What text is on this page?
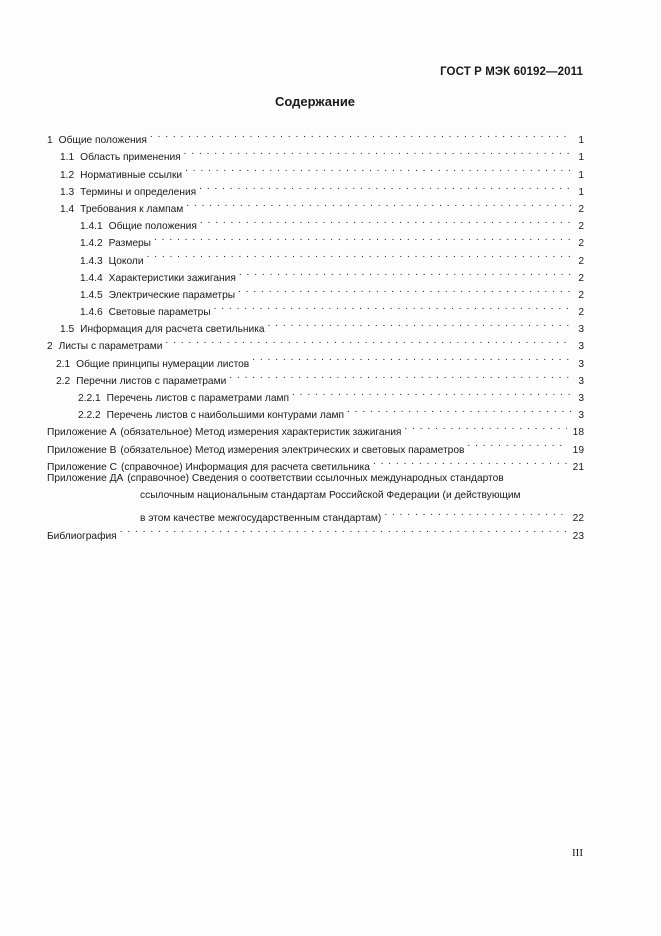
ГОСТ Р МЭК 60192—2011
Содержание
1 Общие положения . . .	1
1.1 Область применения . . .	1
1.2 Нормативные ссылки . . .	1
1.3 Термины и определения . . .	1
1.4 Требования к лампам . . .	2
1.4.1 Общие положения . . .	2
1.4.2 Размеры . . .	2
1.4.3 Цоколи . . .	2
1.4.4 Характеристики зажигания . . .	2
1.4.5 Электрические параметры . . .	2
1.4.6 Световые параметры . . .	2
1.5 Информация для расчета светильника . . .	3
2 Листы с параметрами . . .	3
2.1 Общие принципы нумерации листов . . .	3
2.2 Перечни листов с параметрами . . .	3
2.2.1 Перечень листов с параметрами ламп . . .	3
2.2.2 Перечень листов с наибольшими контурами ламп . . .	3
Приложение А (обязательное) Метод измерения характеристик зажигания . . .	18
Приложение В (обязательное) Метод измерения электрических и световых параметров . . .	19
Приложение С (справочное) Информация для расчета светильника . . .	21
Приложение ДА (справочное) Сведения о соответствии ссылочных международных стандартов
ссылочным национальным стандартам Российской Федерации (и действующим
в этом качестве межгосударственным стандартам) . . .	22
Библиография . . .	23
III
